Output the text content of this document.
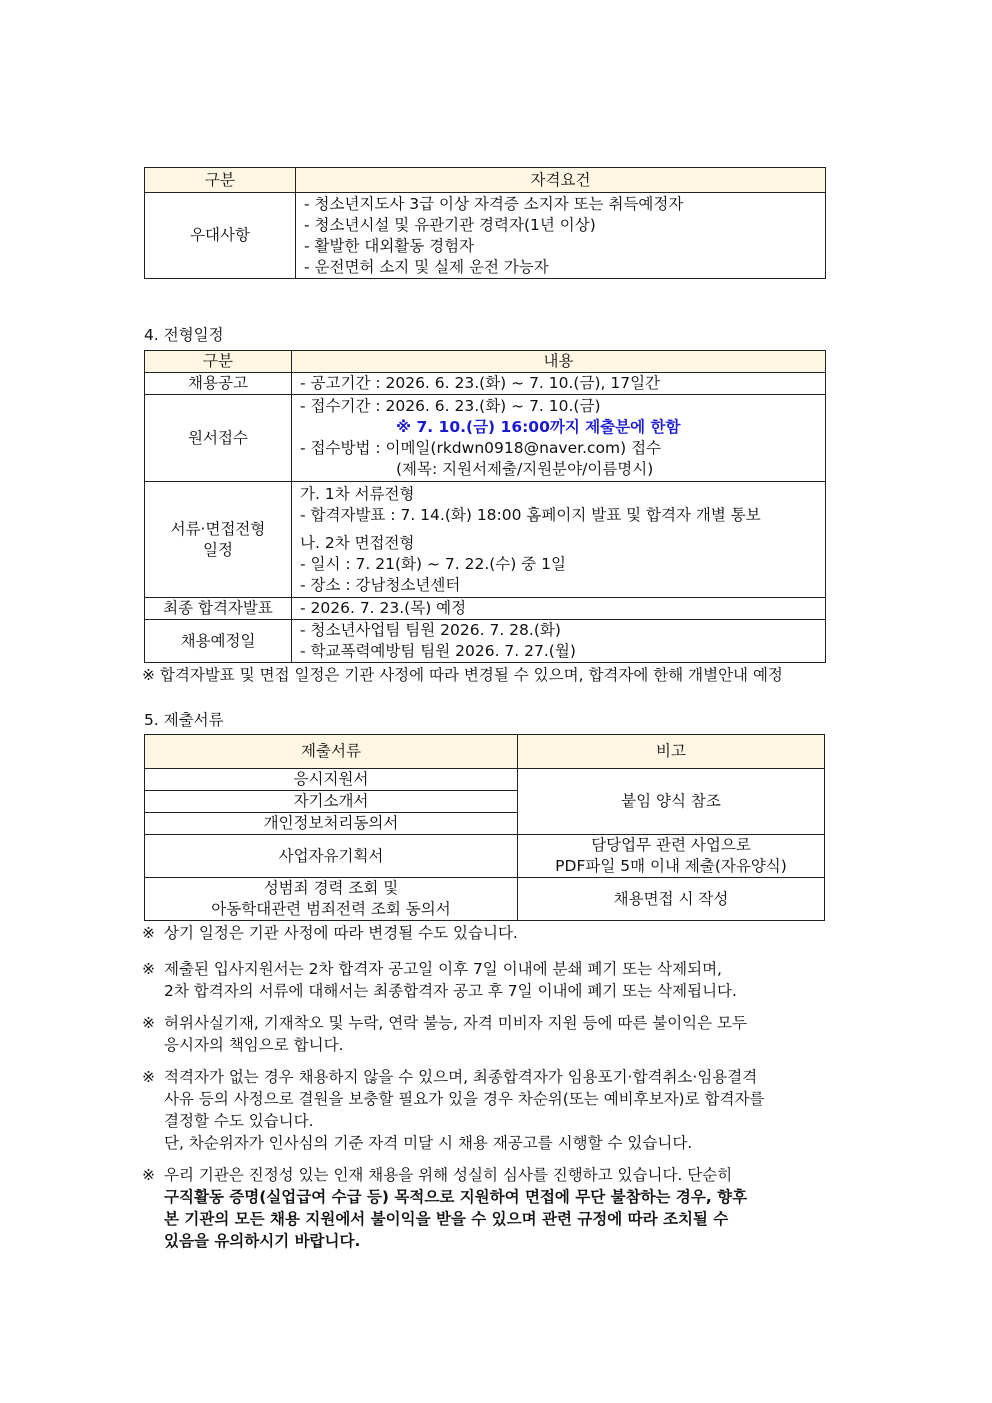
구분	자격요건
우대사항	- 청소년지도사 3급 이상 자격증 소지자 또는 취득예정자
- 청소년시설 및 유관기관 경력자(1년 이상)
- 활발한 대외활동 경험자
- 운전면허 소지 및 실제 운전 가능자
4. 전형일정
구분	내용
채용공고	- 공고기간 : 2026. 6. 23.(화) ~ 7. 10.(금), 17일간
원서접수	- 접수기간 : 2026. 6. 23.(화) ~ 7. 10.(금)
※ 7. 10.(금) 16:00까지 제출분에 한함
- 접수방법 : 이메일(rkdwn0918@naver.com) 접수
(제목: 지원서제출/지원분야/이름명시)

서류·면접전형
일정	가. 1차 서류전형
- 합격자발표 : 7. 14.(화) 18:00 홈페이지 발표 및 합격자 개별 통보
나. 2차 면접전형
- 일시 : 7. 21(화) ~ 7. 22.(수) 중 1일
- 장소 : 강남청소년센터

최종 합격자발표	- 2026. 7. 23.(목) 예정
채용예정일	- 청소년사업팀 팀원 2026. 7. 28.(화)
- 학교폭력예방팀 팀원 2026. 7. 27.(월)
※ 합격자발표 및 면접 일정은 기관 사정에 따라 변경될 수 있으며, 합격자에 한해 개별안내 예정
5. 제출서류
제출서류	비고
응시지원서	붙임 양식 참조
자기소개서	
개인정보처리동의서	
사업자유기획서	담당업무 관련 사업으로
PDF파일 5매 이내 제출(자유양식)

성범죄 경력 조회 및
아동학대관련 범죄전력 조회 동의서	채용면접 시 작성
※ 상기 일정은 기관 사정에 따라 변경될 수도 있습니다.
※ 제출된 입사지원서는 2차 합격자 공고일 이후 7일 이내에 분쇄 폐기 또는 삭제되며,
2차 합격자의 서류에 대해서는 최종합격자 공고 후 7일 이내에 폐기 또는 삭제됩니다.
※ 허위사실기재, 기재착오 및 누락, 연락 불능, 자격 미비자 지원 등에 따른 불이익은 모두
응시자의 책임으로 합니다.
※ 적격자가 없는 경우 채용하지 않을 수 있으며, 최종합격자가 임용포기·합격취소·임용결격
사유 등의 사정으로 결원을 보충할 필요가 있을 경우 차순위(또는 예비후보자)로 합격자를
결정할 수도 있습니다.
단, 차순위자가 인사심의 기준 자격 미달 시 채용 재공고를 시행할 수 있습니다.
※ 우리 기관은 진정성 있는 인재 채용을 위해 성실히 심사를 진행하고 있습니다. 단순히
구직활동 증명(실업급여 수급 등) 목적으로 지원하여 면접에 무단 불참하는 경우, 향후
본 기관의 모든 채용 지원에서 불이익을 받을 수 있으며 관련 규정에 따라 조치될 수
있음을 유의하시기 바랍니다.
